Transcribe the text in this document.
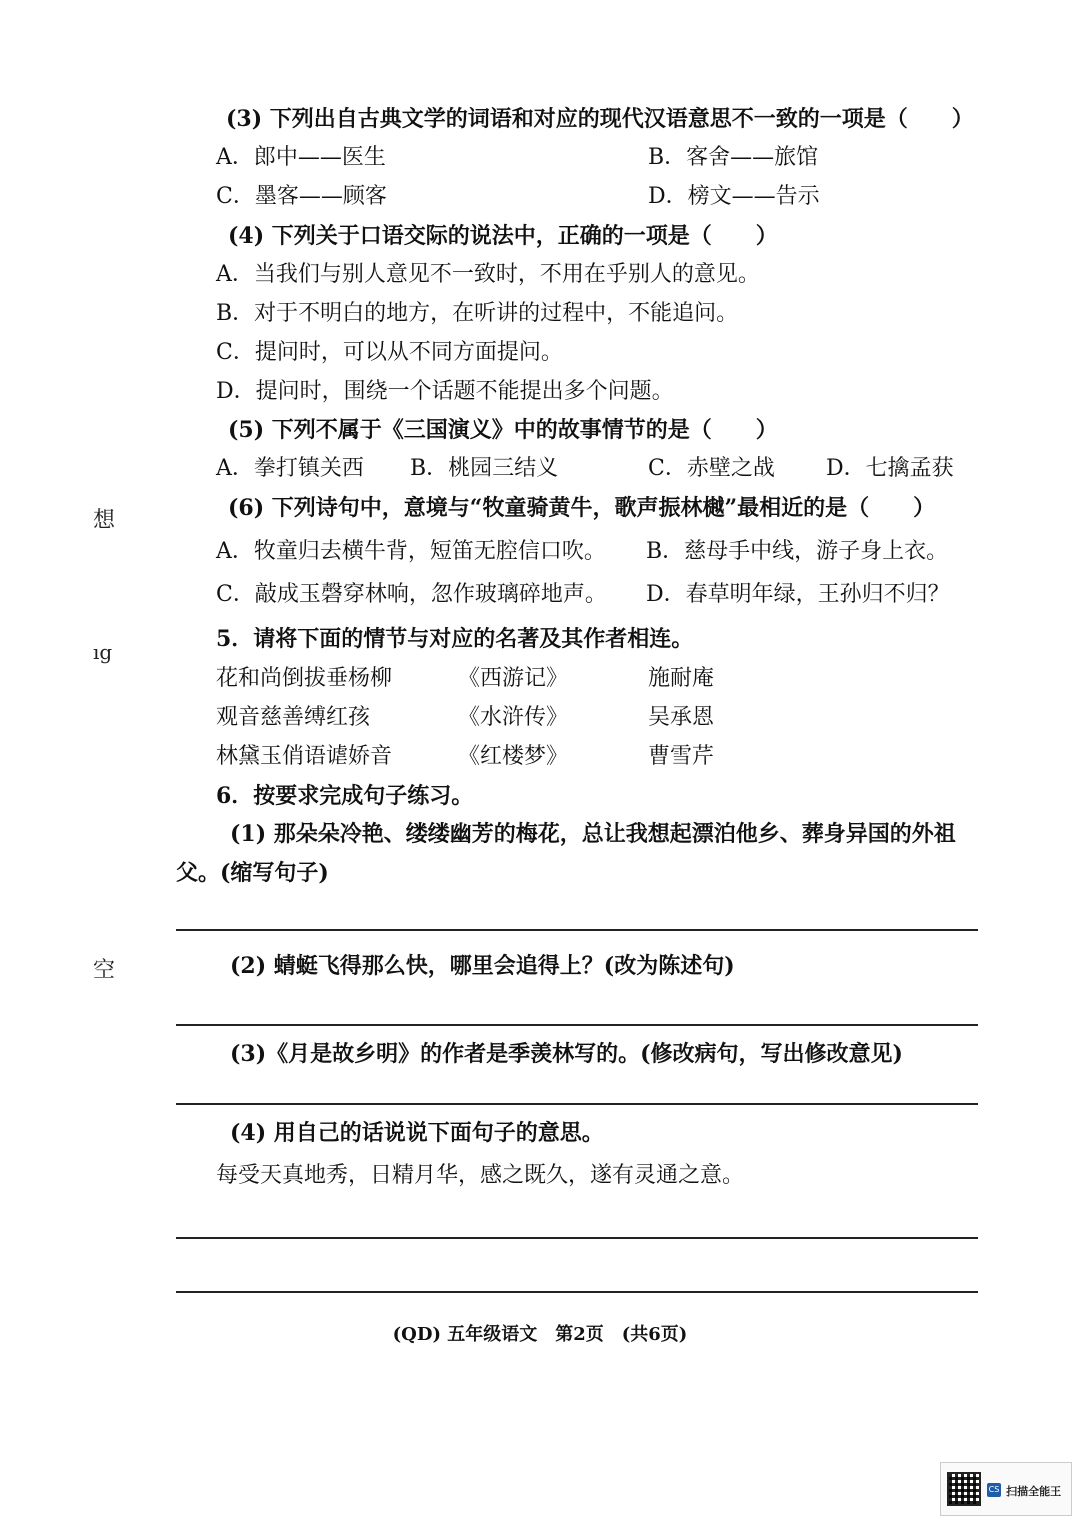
(3) 下列出自古典文学的词语和对应的现代汉语意思不一致的一项是（　　）
A．郎中——医生	B．客舍——旅馆
C．墨客——顾客	D．榜文——告示
(4) 下列关于口语交际的说法中，正确的一项是（　　）
A．当我们与别人意见不一致时，不用在乎别人的意见。
B．对于不明白的地方，在听讲的过程中，不能追问。
C．提问时，可以从不同方面提问。
D．提问时，围绕一个话题不能提出多个问题。
(5) 下列不属于《三国演义》中的故事情节的是（　　）
A．拳打镇关西 B．桃园三结义	C．赤壁之战 D．七擒孟获
(6) 下列诗句中，意境与“牧童骑黄牛，歌声振林樾”最相近的是（　　）
A．牧童归去横牛背，短笛无腔信口吹。 B．慈母手中线，游子身上衣。
C．敲成玉磬穿林响，忽作玻璃碎地声。 D．春草明年绿，王孙归不归？
5．请将下面的情节与对应的名著及其作者相连。
花和尚倒拔垂杨柳	《西游记》	施耐庵
观音慈善缚红孩	《水浒传》	吴承恩
林黛玉俏语谑娇音	《红楼梦》	曹雪芹
6．按要求完成句子练习。
(1) 那朵朵冷艳、缕缕幽芳的梅花，总让我想起漂泊他乡、葬身异国的外祖
父。(缩写句子)
(2) 蜻蜓飞得那么快，哪里会追得上？(改为陈述句)
(3)《月是故乡明》的作者是季羡林写的。(修改病句，写出修改意见)
(4) 用自己的话说说下面句子的意思。
每受天真地秀，日精月华，感之既久，遂有灵通之意。
想
ıg
空
(QD) 五年级语文　第2页　(共6页)
CS 扫描全能王
